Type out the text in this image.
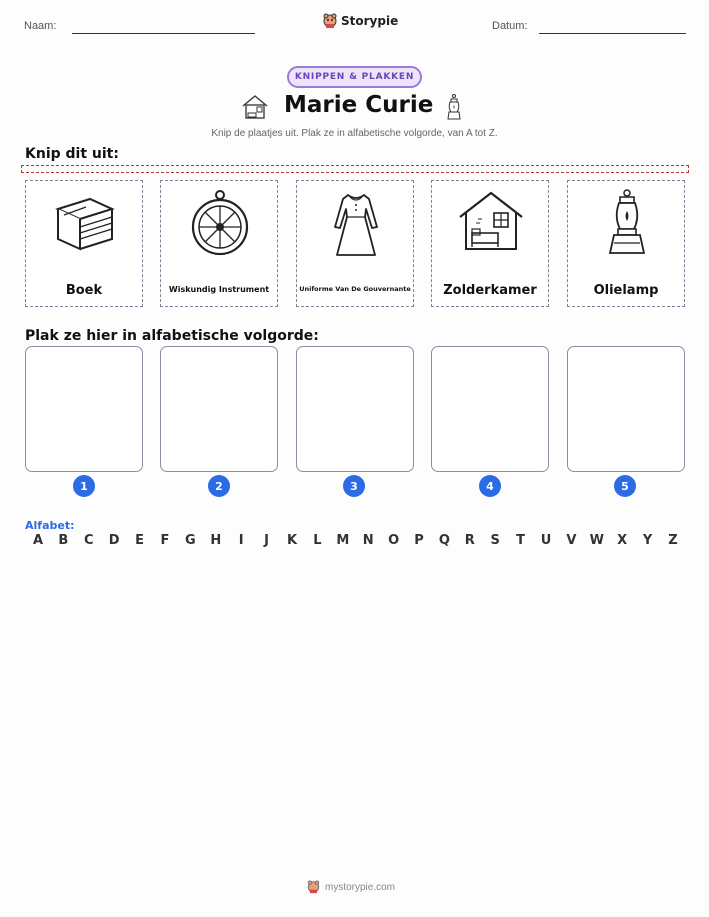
Naam:	Storypie	Datum:
KNIPPEN & PLAKKEN
Marie Curie
Knip de plaatjes uit. Plak ze in alfabetische volgorde, van A tot Z.
Knip dit uit:
Boek	Wiskundig Instrument	Uniforme Van De Gouvernante	Zolderkamer	Olielamp
Plak ze hier in alfabetische volgorde:
1	2	3	4	5
Alfabet:
A	B	C	D	E	F	G	H	I	J	K	L	M	N	O	P	Q	R	S	T	U	V	W	X	Y	Z
mystorypie.com
